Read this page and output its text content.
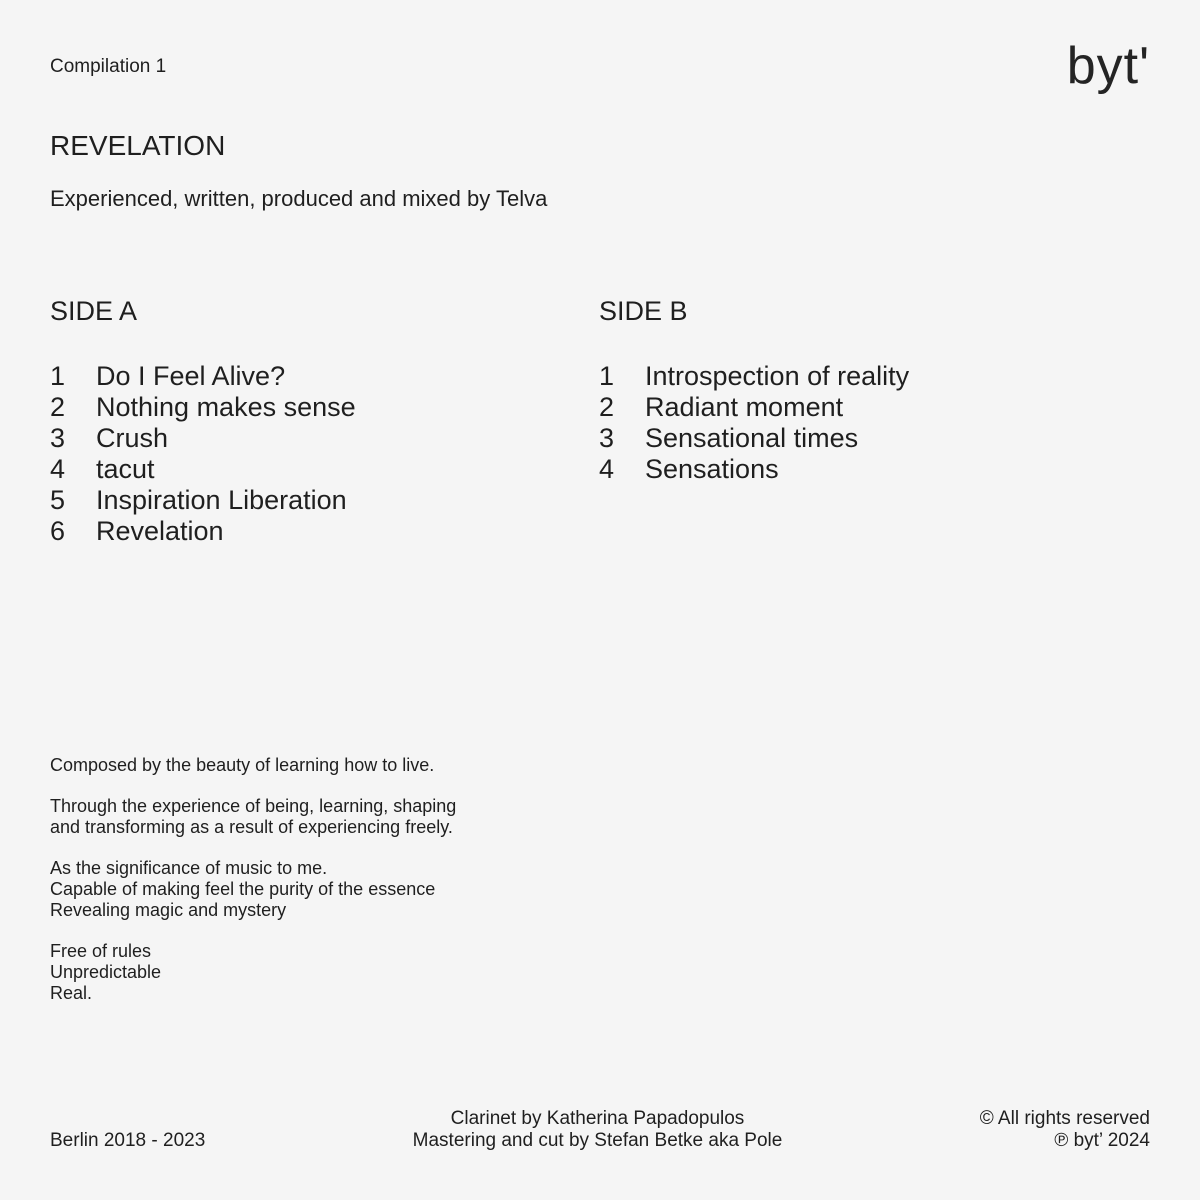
Compilation 1	byt'
REVELATION
Experienced, written, produced and mixed by Telva
SIDE A
1	Do I Feel Alive?
2	Nothing makes sense
3	Crush
4	tacut
5	Inspiration Liberation
6	Revelation
SIDE B
1	Introspection of reality
2	Radiant moment
3	Sensational times
4	Sensations

Composed by the beauty of learning how to live.

Through the experience of being, learning, shaping
and transforming as a result of experiencing freely.

As the significance of music to me.
Capable of making feel the purity of the essence
Revealing magic and mystery

Free of rules
Unpredictable
Real.

Berlin 2018 - 2023
Clarinet by Katherina Papadopulos
Mastering and cut by Stefan Betke aka Pole
© All rights reserved
℗ byt’ 2024
